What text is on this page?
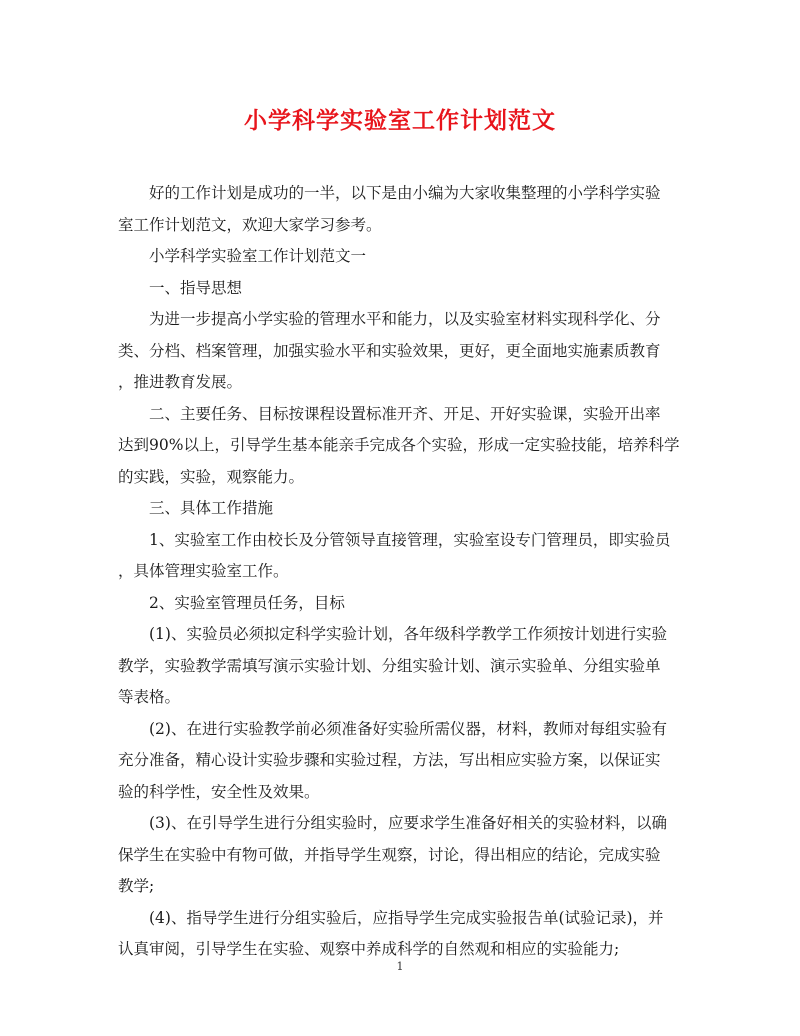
小学科学实验室工作计划范文
好的工作计划是成功的一半，以下是由小编为大家收集整理的小学科学实验
室工作计划范文，欢迎大家学习参考。
小学科学实验室工作计划范文一
一、指导思想
为进一步提高小学实验的管理水平和能力，以及实验室材料实现科学化、分
类、分档、档案管理，加强实验水平和实验效果，更好，更全面地实施素质教育
，推进教育发展。
二、主要任务、目标按课程设置标准开齐、开足、开好实验课，实验开出率
达到90%以上，引导学生基本能亲手完成各个实验，形成一定实验技能，培养科学
的实践，实验，观察能力。
三、具体工作措施
1、实验室工作由校长及分管领导直接管理，实验室设专门管理员，即实验员
，具体管理实验室工作。
2、实验室管理员任务，目标
(1)、实验员必须拟定科学实验计划，各年级科学教学工作须按计划进行实验
教学，实验教学需填写演示实验计划、分组实验计划、演示实验单、分组实验单
等表格。
(2)、在进行实验教学前必须准备好实验所需仪器，材料，教师对每组实验有
充分准备，精心设计实验步骤和实验过程，方法，写出相应实验方案，以保证实
验的科学性，安全性及效果。
(3)、在引导学生进行分组实验时，应要求学生准备好相关的实验材料，以确
保学生在实验中有物可做，并指导学生观察，讨论，得出相应的结论，完成实验
教学;
(4)、指导学生进行分组实验后，应指导学生完成实验报告单(试验记录)，并
认真审阅，引导学生在实验、观察中养成科学的自然观和相应的实验能力;
1
